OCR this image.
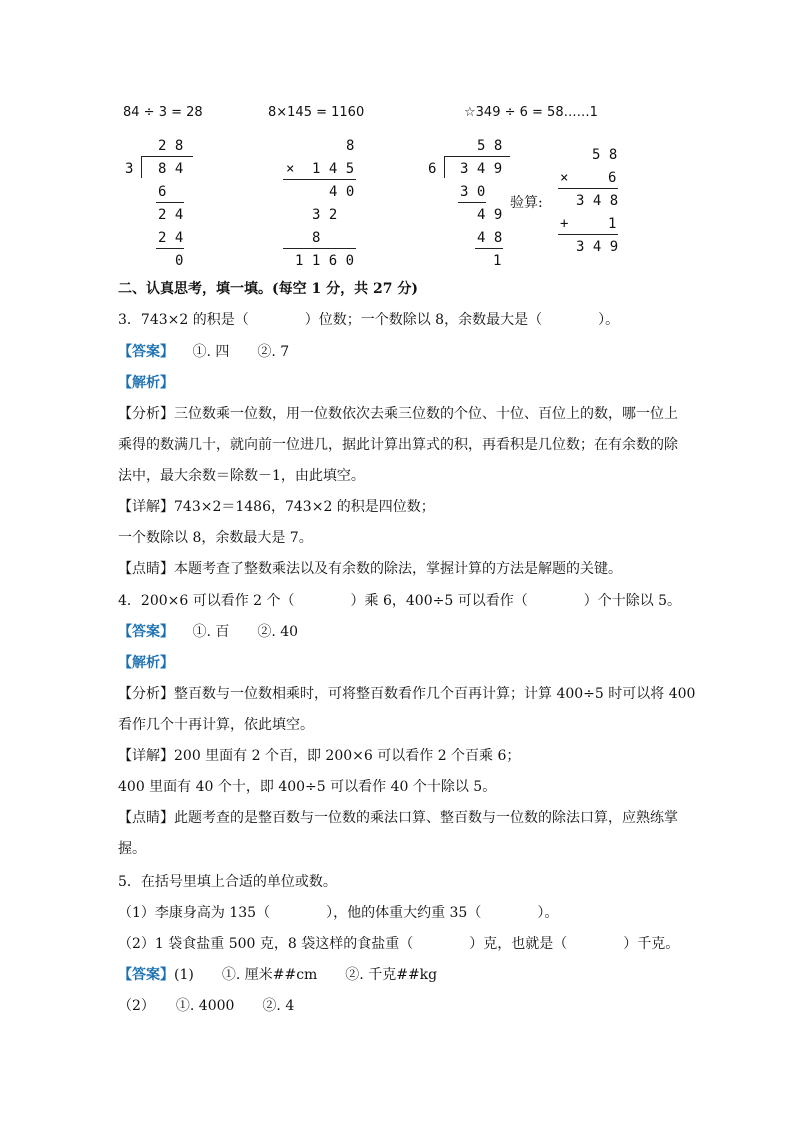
84 ÷ 3 = 28	8×145 = 1160	☆349 ÷ 6 = 58……1
2 8
3 8 4
6
2 4
2 4
0
8
× 1 4 5
4 0
3 2
8
1 1 6 0
5 8
6 3 4 9
3 0
4 9
4 8
1
验算:
5 8
×	6
3 4 8
+	1
3 4 9
二、认真思考，填一填。(每空 1 分，共 27 分)
3．743×2 的积是（　　　　）位数；一个数除以 8，余数最大是（　　　　）。
【答案】 ①. 四　　②. 7
【解析】
【分析】三位数乘一位数，用一位数依次去乘三位数的个位、十位、百位上的数，哪一位上
乘得的数满几十，就向前一位进几，据此计算出算式的积，再看积是几位数；在有余数的除
法中，最大余数＝除数－1，由此填空。
【详解】743×2＝1486，743×2 的积是四位数；
一个数除以 8，余数最大是 7。
【点睛】本题考查了整数乘法以及有余数的除法，掌握计算的方法是解题的关键。
4．200×6 可以看作 2 个（　　　　）乘 6，400÷5 可以看作（　　　　）个十除以 5。
【答案】 ①. 百　　②. 40
【解析】
【分析】整百数与一位数相乘时，可将整百数看作几个百再计算；计算 400÷5 时可以将 400
看作几个十再计算，依此填空。
【详解】200 里面有 2 个百，即 200×6 可以看作 2 个百乘 6；
400 里面有 40 个十，即 400÷5 可以看作 40 个十除以 5。
【点睛】此题考查的是整百数与一位数的乘法口算、整百数与一位数的除法口算，应熟练掌
握。
5．在括号里填上合适的单位或数。
（1）李康身高为 135（　　　　），他的体重大约重 35（　　　　）。
（2）1 袋食盐重 500 克，8 袋这样的食盐重（　　　　）克，也就是（　　　　）千克。
【答案】(1)　　①. 厘米##cm　　②. 千克##kg
（2）　　①. 4000　　②. 4
